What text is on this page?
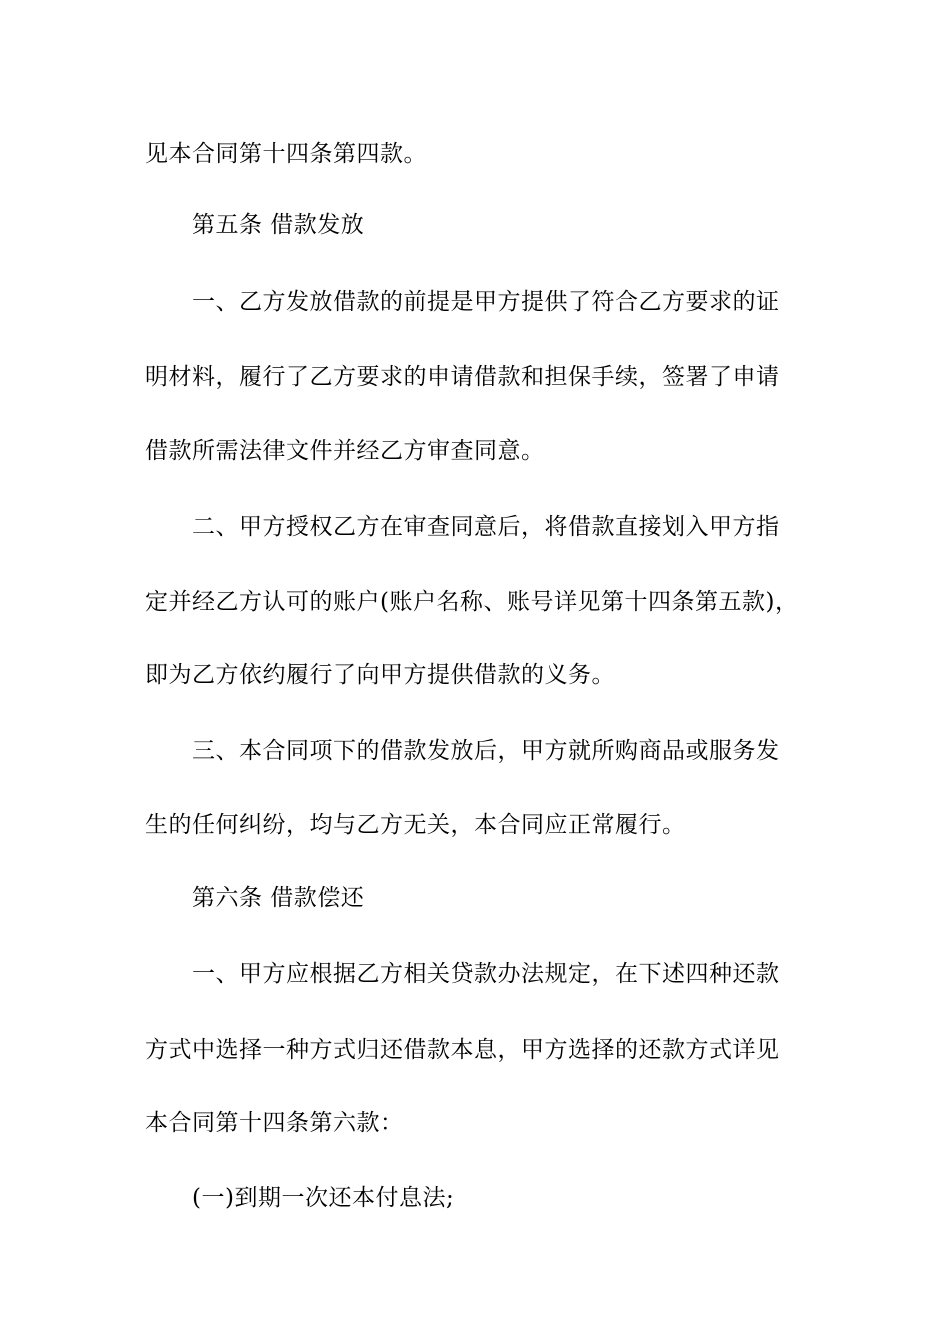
见本合同第十四条第四款。
第五条 借款发放
一、乙方发放借款的前提是甲方提供了符合乙方要求的证
明材料，履行了乙方要求的申请借款和担保手续，签署了申请
借款所需法律文件并经乙方审查同意。
二、甲方授权乙方在审查同意后，将借款直接划入甲方指
定并经乙方认可的账户(账户名称、账号详见第十四条第五款)，
即为乙方依约履行了向甲方提供借款的义务。
三、本合同项下的借款发放后，甲方就所购商品或服务发
生的任何纠纷，均与乙方无关，本合同应正常履行。
第六条 借款偿还
一、甲方应根据乙方相关贷款办法规定，在下述四种还款
方式中选择一种方式归还借款本息，甲方选择的还款方式详见
本合同第十四条第六款：
(一)到期一次还本付息法;
